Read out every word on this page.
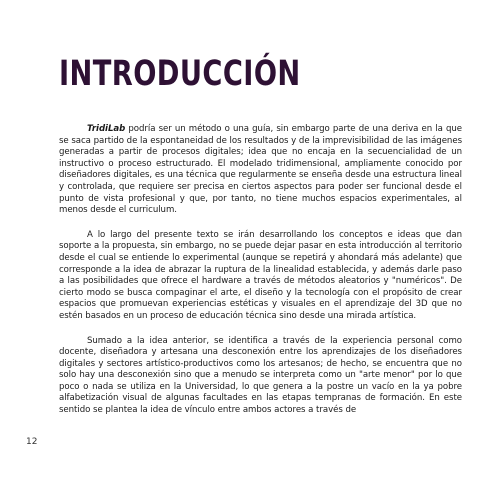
INTRODUCCIÓN

TridiLab podría ser un método o una guía, sin embargo parte de una deriva en la que se saca partido de la espontaneidad de los resultados y de la imprevisibilidad de las imágenes generadas a partir de procesos digitales; idea que no encaja en la secuencialidad de un instructivo o proceso estructurado. El modelado tridimensional, ampliamente conocido por diseñadores digitales, es una técnica que regularmente se enseña desde una estructura lineal y controlada, que requiere ser precisa en ciertos aspectos para poder ser funcional desde el punto de vista profesional y que, por tanto, no tiene muchos espacios experimentales, al menos desde el curriculum.

A lo largo del presente texto se irán desarrollando los conceptos e ideas que dan soporte a la propuesta, sin embargo, no se puede dejar pasar en esta introducción al territorio desde el cual se entiende lo experimental (aunque se repetirá y ahondará más adelante) que corresponde a la idea de abrazar la ruptura de la linealidad establecida, y además darle paso a las posibilidades que ofrece el hardware a través de métodos aleatorios y "numéricos". De cierto modo se busca compaginar el arte, el diseño y la tecnología con el propósito de crear espacios que promuevan experiencias estéticas y visuales en el aprendizaje del 3D que no estén basados en un proceso de educación técnica sino desde una mirada artística.

Sumado a la idea anterior, se identifica a través de la experiencia personal como docente, diseñadora y artesana una desconexión entre los aprendizajes de los diseñadores digitales y sectores artístico-productivos como los artesanos; de hecho, se encuentra que no solo hay una desconexión sino que a menudo se interpreta como un "arte menor" por lo que poco o nada se utiliza en la Universidad, lo que genera a la postre un vacío en la ya pobre alfabetización visual de algunas facultades en las etapas tempranas de formación. En este sentido se plantea la idea de vínculo entre ambos actores a través de

12
